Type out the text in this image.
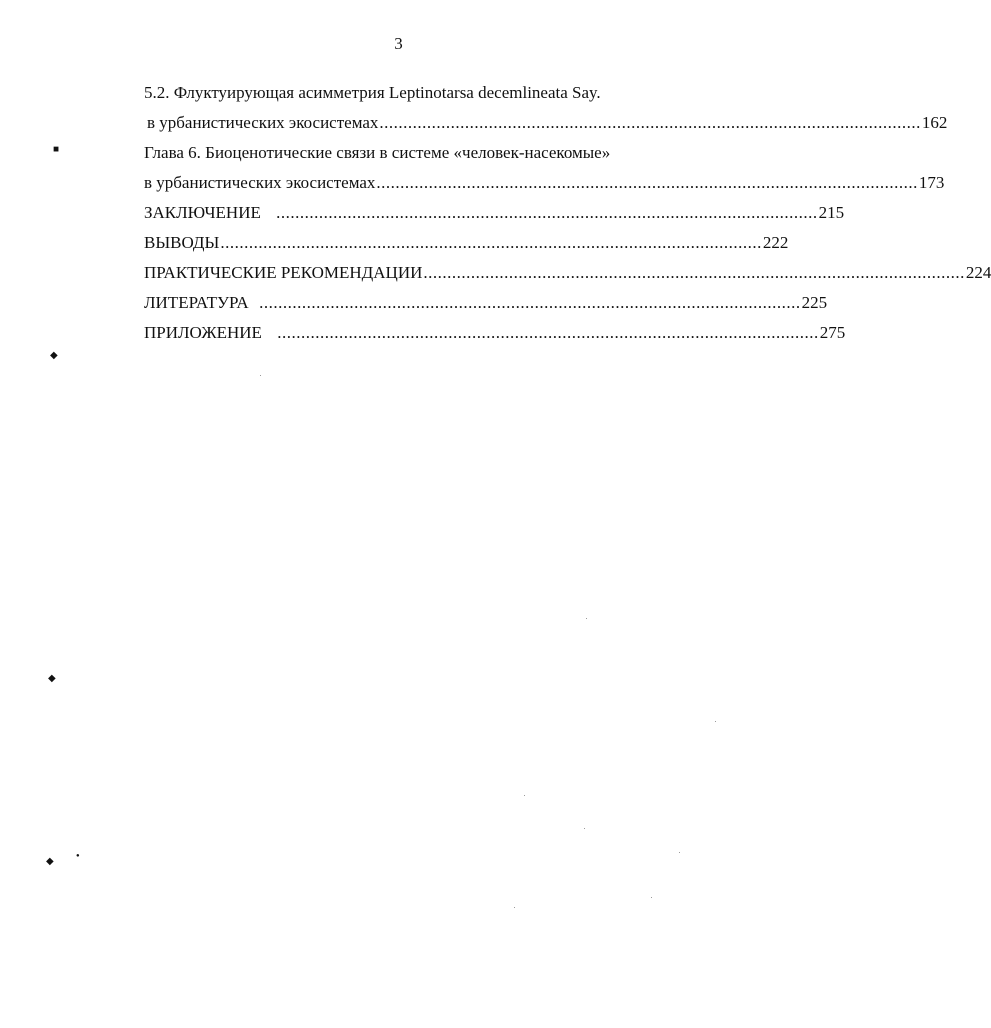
3
5.2. Флуктуирующая асимметрия Leptinotarsa decemlineata Say.
в урбанистических экосистемах .................................................................................................................. 162
Глава 6. Биоценотические связи в системе «человек-насекомые»
в урбанистических экосистемах .................................................................................................................. 173
ЗАКЛЮЧЕНИЕ .................................................................................................................. 215
ВЫВОДЫ .................................................................................................................. 222
ПРАКТИЧЕСКИЕ РЕКОМЕНДАЦИИ .................................................................................................................. 224
ЛИТЕРАТУРА .................................................................................................................. 225
ПРИЛОЖЕНИЕ .................................................................................................................. 275
■
◆
◆
◆	●
